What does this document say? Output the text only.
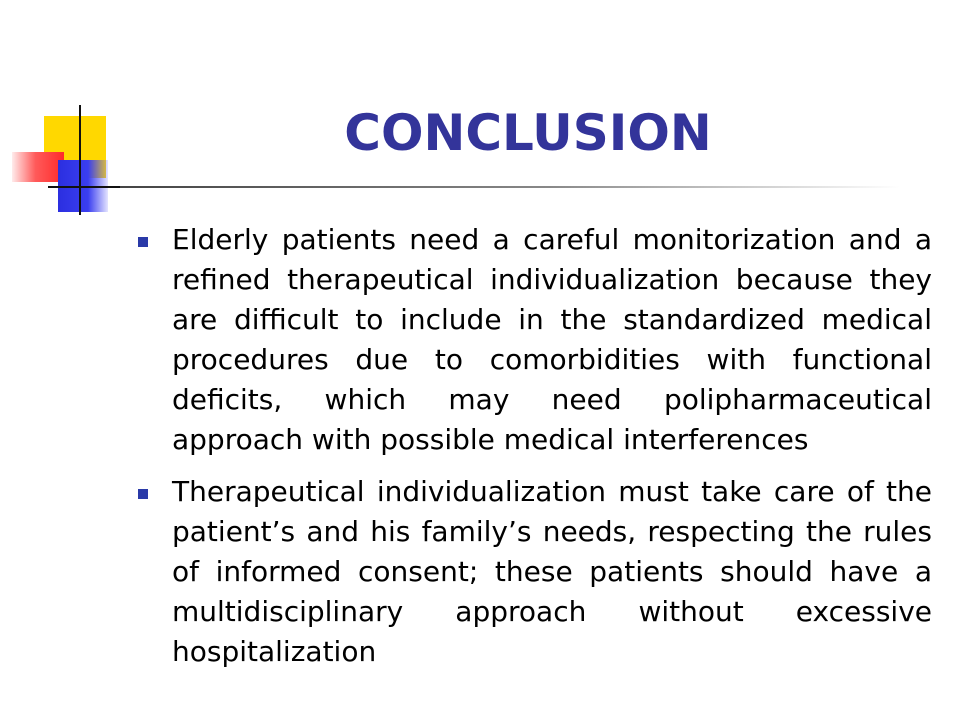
CONCLUSION
Elderly patients need a careful monitorization and a refined therapeutical individualization because they are difficult to include in the standardized medical procedures due to comorbidities with functional deficits, which may need polipharmaceutical approach with possible medical interferences
Therapeutical individualization must take care of the patient’s and his family’s needs, respecting the rules of informed consent; these patients should have a multidisciplinary approach without excessive hospitalization
